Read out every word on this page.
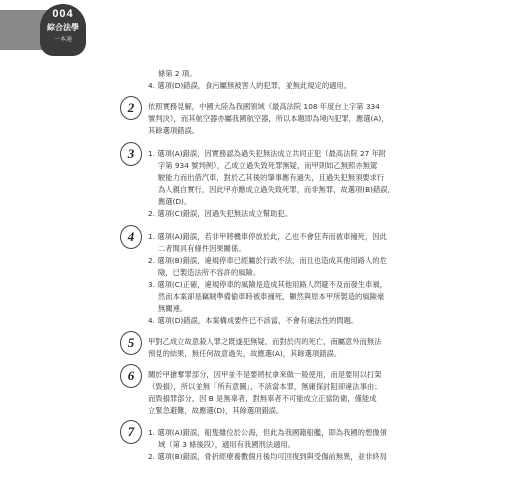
004
綜合法學
一本通
條第 2 項。
4. 選項(D)錯誤，食污屬無被害人的犯罪，並無此規定的適用。
2	依照實務見解，中國大陸為我國領域（最高法院 108 年度台上字第 334
號判決），而其航空器亦屬我國航空器，所以本題即為境內犯罪，應選(A)，
其餘選項錯誤。
3	1. 選項(A)錯誤，因實務認為過失犯無法成立共同正犯（最高法院 27 年附
字第 934 號判例），乙成立過失致死罪無疑，而甲則如乙無照亦無駕
駛能力而出借汽車，對於乙其後的肇事應有過失，且過失犯無須要求行
為人親自實行，因此甲亦應成立過失致死罪，而非無罪，故選項(B)錯誤，
應選(D)。
2. 選項(C)錯誤，因過失犯無法成立幫助犯。
4	1. 選項(A)錯誤，若非甲將機車停放於此，乙也不會狂奔而被車撞死，因此
二者間具有條件因果關係。
2. 選項(B)錯誤，違規停車已經屬於行政不法，而且也造成其他用路人的危
險，已製造法所不容許的風險。
3. 選項(C)正確，違規停車的風險是造成其他用路人閃避不及而發生車禍，
然而本案卻是竊賊準備偷車時被車撞死，顯然與原本甲所製造的風險毫
無關連。
4. 選項(D)錯誤，本案構成要件已不該當，不會有違法性的問題。
5	甲對乙成立故意殺人罪之既遂犯無疑，而對於丙的死亡，南屬意外而無法
預見的結果，無任何故意過失，故應選(A)，其餘選項錯誤。
6	關於甲搶奪罪部分，因甲並不是要將杖拿來做一般使用，而是要用以打架
（毀損），所以並無「所有意圖」，不該當本罪，無庸探討阻卻違法事由；
而毀損罪部分，因 B 是無辜者，對無辜者不可能成立正當防衛，僅能成
立緊急避難，故應選(D)，其餘選項錯誤。
7	1. 選項(A)錯誤，船隻雖位於公海，但此為我國籍船艦，即為我國的想像領
域（第 3 條後段），適用有我國刑法適用。
2. 選項(B)錯誤，骨折經療養數個月後均可回復到與受傷前無異，並非終局
